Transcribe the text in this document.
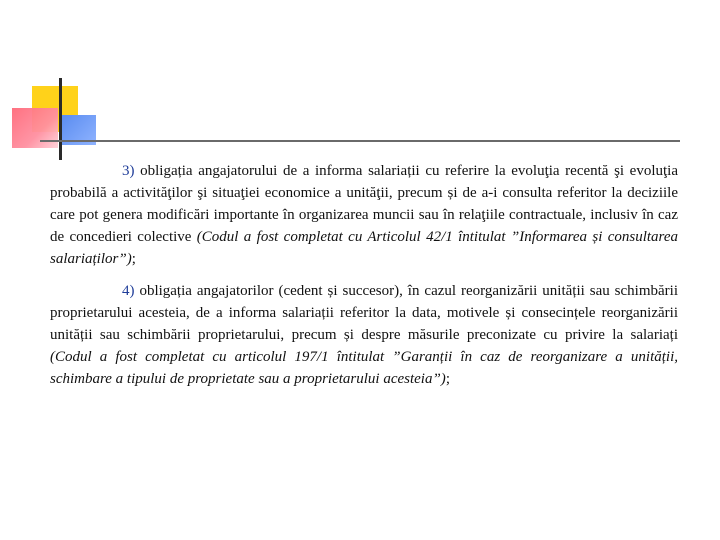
3) obligația angajatorului de a informa salariații cu referire la evoluţia recentă şi evoluţia probabilă a activităţilor şi situaţiei economice a unităţii, precum și de a-i consulta referitor la deciziile care pot genera modificări importante în organizarea muncii sau în relaţiile contractuale, inclusiv în caz de concedieri colective (Codul a fost completat cu Articolul 42/1 întitulat ”Informarea și consultarea salariaților”);

4) obligația angajatorilor (cedent și succesor), în cazul reorganizării unității sau schimbării proprietarului acesteia, de a informa salariații referitor la data, motivele și consecințele reorganizării unității sau schimbării proprietarului, precum și despre măsurile preconizate cu privire la salariați (Codul a fost completat cu articolul 197/1 întitulat ”Garanții în caz de reorganizare a unității, schimbare a tipului de proprietate sau a proprietarului acesteia”);
